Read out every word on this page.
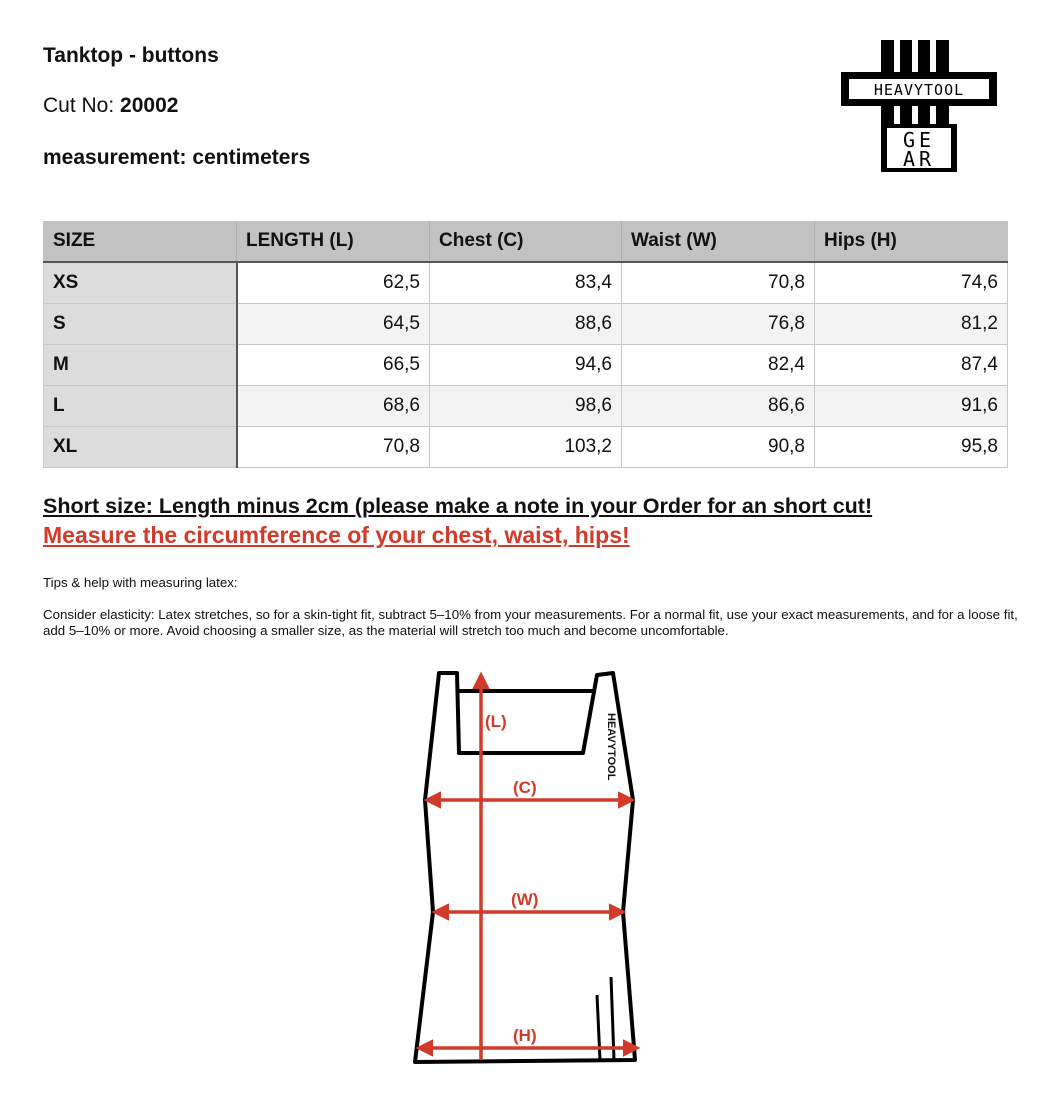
Tanktop - buttons
Cut No: 20002
measurement: centimeters
HEAVYTOOL
GE
AR
SIZE	LENGTH (L)	Chest (C)	Waist (W)	Hips (H)
XS	62,5	83,4	70,8	74,6
S	64,5	88,6	76,8	81,2
M	66,5	94,6	82,4	87,4
L	68,6	98,6	86,6	91,6
XL	70,8	103,2	90,8	95,8
Short size: Length minus 2cm (please make a note in your Order for an short cut!
Measure the circumference of your chest, waist, hips!
Tips & help with measuring latex:
Consider elasticity: Latex stretches, so for a skin-tight fit, subtract 5–10% from your measurements. For a normal fit, use your exact measurements, and for a loose fit, add 5–10% or more. Avoid choosing a smaller size, as the material will stretch too much and become uncomfortable.
(L)
(C)
(W)
(H)
HEAVYTOOL
